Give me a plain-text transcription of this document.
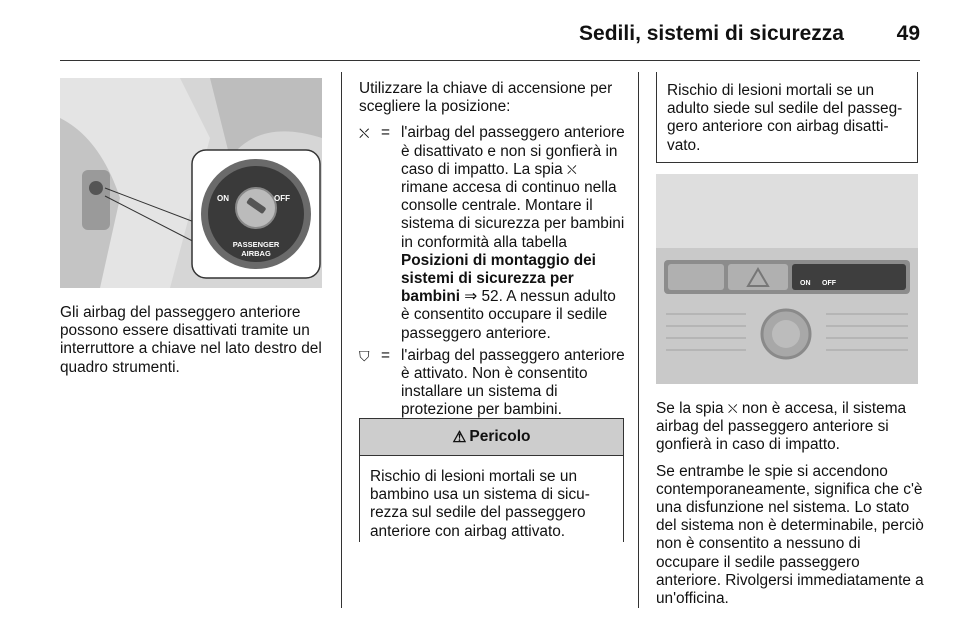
Sedili, sistemi di sicurezza	49
ON	OFF
PASSENGER AIRBAG

Gli airbag del passeggero anteriore possono essere disattivati tramite un interruttore a chiave nel lato destro del quadro strumenti.

Utilizzare la chiave di accensione per scegliere la posizione:

⛌ = l'airbag del passeggero anteriore è disattivato e non si gonfierà in caso di impatto. La spia ⛌ rimane accesa di continuo nella consolle centrale. Montare il sistema di sicurezza per bambini in conformità alla tabella Posizioni di montaggio dei sistemi di sicurezza per bambini ⇒ 52. A nessun adulto è consentito occupare il sedile passeggero anteriore.
⛉ = l'airbag del passeggero anteriore è attivato. Non è consentito installare un sistema di protezione per bambini.
⚠ Pericolo
Rischio di lesioni mortali se un bambino usa un sistema di sicurezza sul sedile del passeggero anteriore con airbag attivato.
Rischio di lesioni mortali se un adulto siede sul sedile del passeggero anteriore con airbag disattivato.
ON OFF

Se la spia ⛌ non è accesa, il sistema airbag del passeggero anteriore si gonfierà in caso di impatto.

Se entrambe le spie si accendono contemporaneamente, significa che c'è una disfunzione nel sistema. Lo stato del sistema non è determinabile, perciò non è consentito a nessuno di occupare il sedile passeggero anteriore. Rivolgersi immediatamente a un'officina.
